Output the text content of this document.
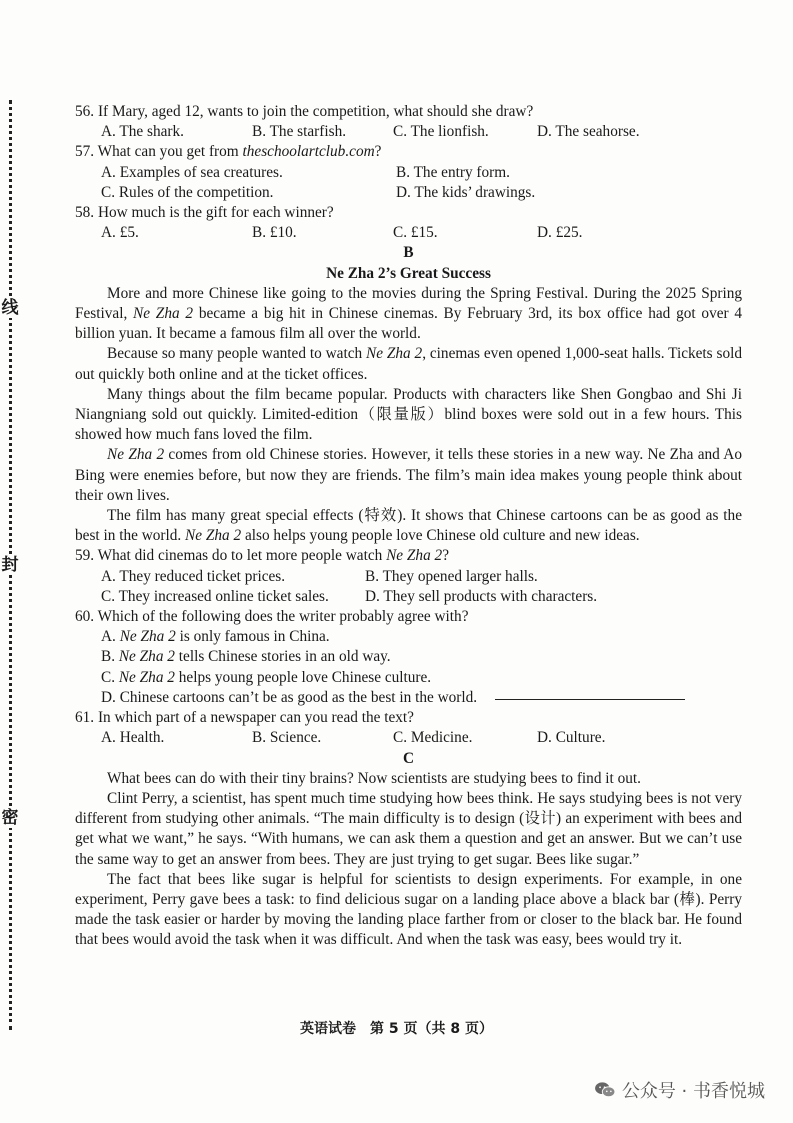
线
封
密

56. If Mary, aged 12, wants to join the competition, what should she draw?

A. The shark.	B. The starfish.	C. The lionfish.	D. The seahorse.

57. What can you get from theschoolartclub.com?

A. Examples of sea creatures.	B. The entry form.
C. Rules of the competition.	D. The kids’ drawings.

58. How much is the gift for each winner?

A. £5.	B. £10.	C. £15.	D. £25.

B

Ne Zha 2’s Great Success

More and more Chinese like going to the movies during the Spring Festival. During the 2025 Spring Festival, Ne Zha 2 became a big hit in Chinese cinemas. By February 3rd, its box office had got over 4 billion yuan. It became a famous film all over the world.

Because so many people wanted to watch Ne Zha 2, cinemas even opened 1,000-seat halls. Tickets sold out quickly both online and at the ticket offices.

Many things about the film became popular. Products with characters like Shen Gongbao and Shi Ji Niangniang sold out quickly. Limited-edition（限量版）blind boxes were sold out in a few hours. This showed how much fans loved the film.

Ne Zha 2 comes from old Chinese stories. However, it tells these stories in a new way. Ne Zha and Ao Bing were enemies before, but now they are friends. The film’s main idea makes young people think about their own lives.

The film has many great special effects (特效). It shows that Chinese cartoons can be as good as the best in the world. Ne Zha 2 also helps young people love Chinese old culture and new ideas.

59. What did cinemas do to let more people watch Ne Zha 2?

A. They reduced ticket prices.	B. They opened larger halls.
C. They increased online ticket sales.	D. They sell products with characters.

60. Which of the following does the writer probably agree with?

A. Ne Zha 2 is only famous in China.
B. Ne Zha 2 tells Chinese stories in an old way.
C. Ne Zha 2 helps young people love Chinese culture.
D. Chinese cartoons can’t be as good as the best in the world.

61. In which part of a newspaper can you read the text?

A. Health.	B. Science.	C. Medicine.	D. Culture.

C

What bees can do with their tiny brains? Now scientists are studying bees to find it out.

Clint Perry, a scientist, has spent much time studying how bees think. He says studying bees is not very different from studying other animals. “The main difficulty is to design (设计) an experiment with bees and get what we want,” he says. “With humans, we can ask them a question and get an answer. But we can’t use the same way to get an answer from bees. They are just trying to get sugar. Bees like sugar.”

The fact that bees like sugar is helpful for scientists to design experiments. For example, in one experiment, Perry gave bees a task: to find delicious sugar on a landing place above a black bar (棒). Perry made the task easier or harder by moving the landing place farther from or closer to the black bar. He found that bees would avoid the task when it was difficult. And when the task was easy, bees would try it.

英语试卷　第 5 页（共 8 页）
公众号 · 书香悦城
